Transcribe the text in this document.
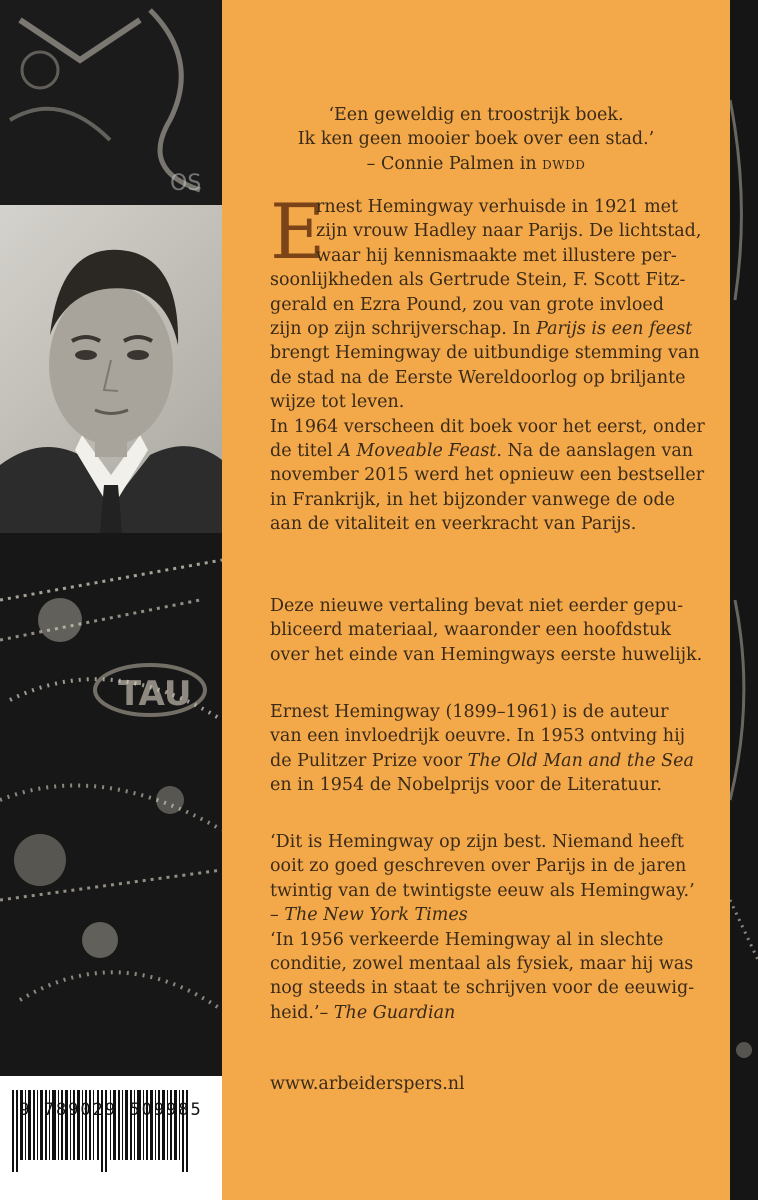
OS
TAU
9 789029 509985
‘Een geweldig en troostrijk boek.
Ik ken geen mooier boek over een stad.’
– Connie Palmen in dwdd
E
rnest Hemingway verhuisde in 1921 met
zijn vrouw Hadley naar Parijs. De lichtstad,
waar hij kennismaakte met illustere per-
soonlijkheden als Gertrude Stein, F. Scott Fitz-
gerald en Ezra Pound, zou van grote invloed
zijn op zijn schrijverschap. In Parijs is een feest
brengt Hemingway de uitbundige stemming van
de stad na de Eerste Wereldoorlog op briljante
wijze tot leven.
In 1964 verscheen dit boek voor het eerst, onder
de titel A Moveable Feast. Na de aanslagen van
november 2015 werd het opnieuw een bestseller
in Frankrijk, in het bijzonder vanwege de ode
aan de vitaliteit en veerkracht van Parijs.
Deze nieuwe vertaling bevat niet eerder gepu-
bliceerd materiaal, waaronder een hoofdstuk
over het einde van Hemingways eerste huwelijk.
Ernest Hemingway (1899–1961) is de auteur
van een invloedrijk oeuvre. In 1953 ontving hij
de Pulitzer Prize voor The Old Man and the Sea
en in 1954 de Nobelprijs voor de Literatuur.
‘Dit is Hemingway op zijn best. Niemand heeft
ooit zo goed geschreven over Parijs in de jaren
twintig van de twintigste eeuw als Hemingway.’
– The New York Times
‘In 1956 verkeerde Hemingway al in slechte
conditie, zowel mentaal als fysiek, maar hij was
nog steeds in staat te schrijven voor de eeuwig-
heid.’– The Guardian
www.arbeiderspers.nl
